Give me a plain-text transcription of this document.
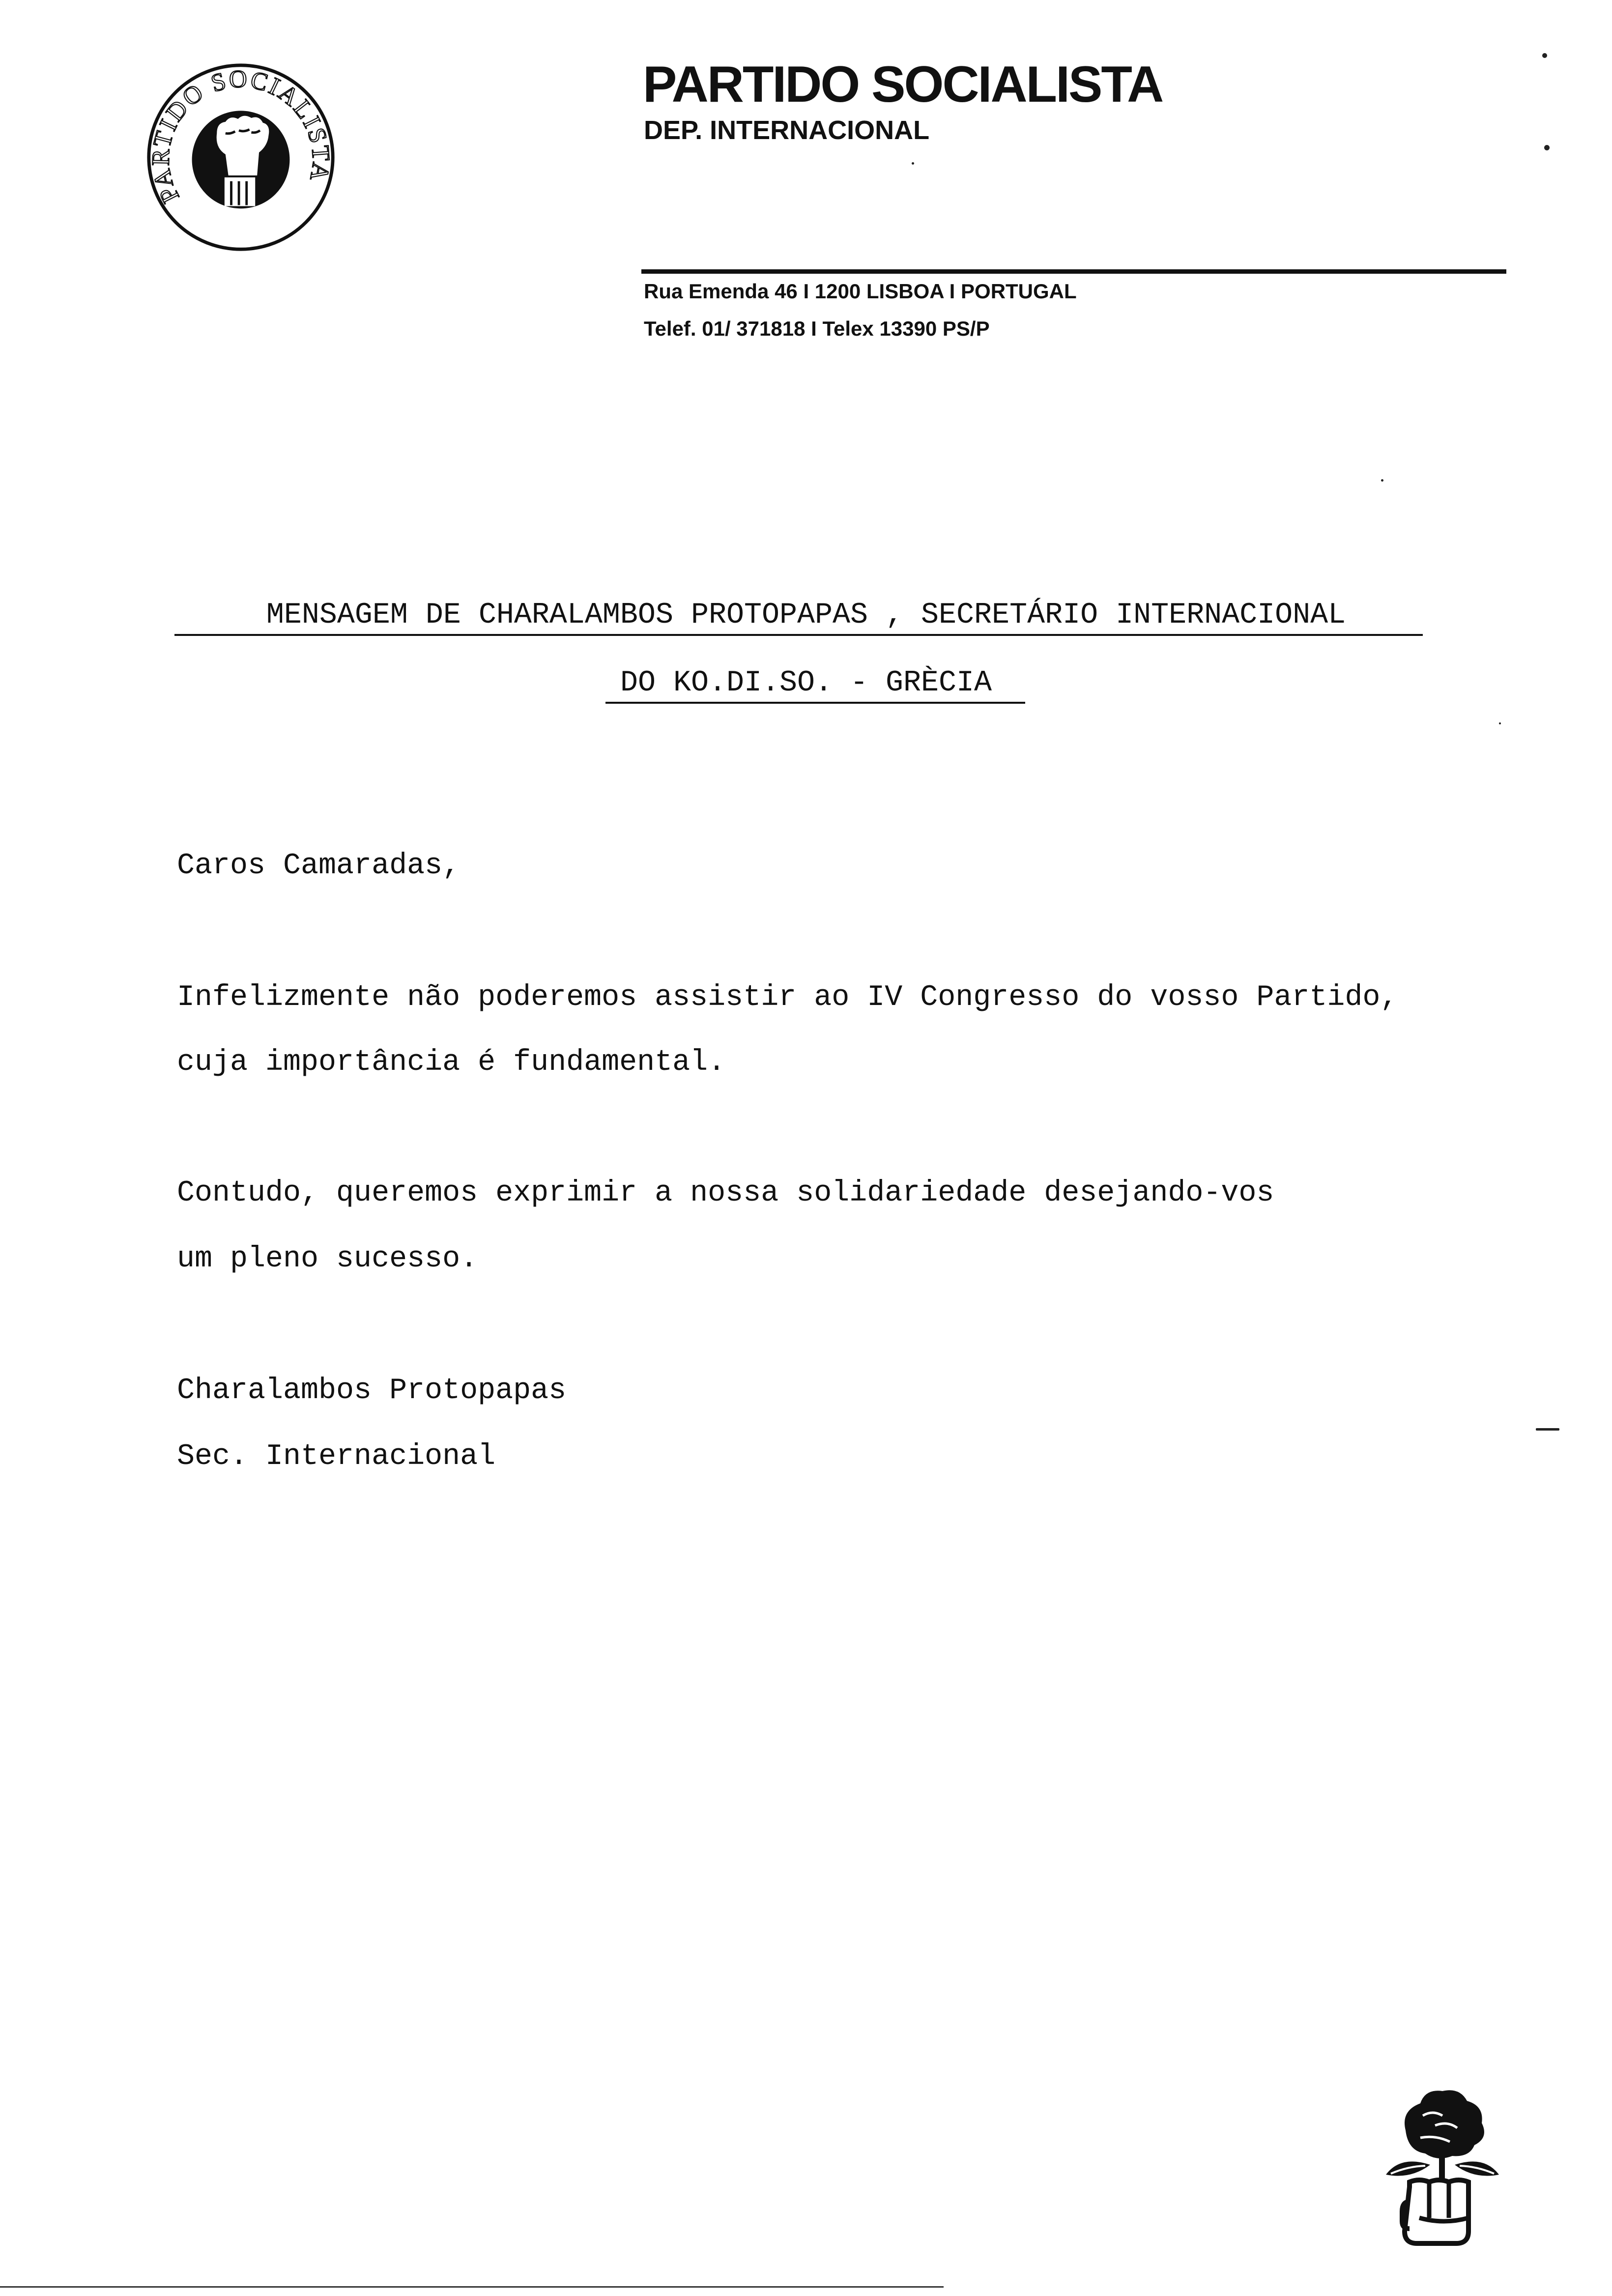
PARTIDO SOCIALISTA
PARTIDO SOCIALISTA
DEP. INTERNACIONAL
Rua Emenda 46 I 1200 LISBOA I PORTUGAL
Telef. 01/ 371818 I Telex 13390 PS/P
MENSAGEM DE CHARALAMBOS PROTOPAPAS , SECRETÁRIO INTERNACIONAL
DO KO.DI.SO. - GRÈCIA
Caros Camaradas,
Infelizmente não poderemos assistir ao IV Congresso do vosso Partido,
cuja importância é fundamental.
Contudo, queremos exprimir a nossa solidariedade desejando-vos
um pleno sucesso.
Charalambos Protopapas
Sec. Internacional
